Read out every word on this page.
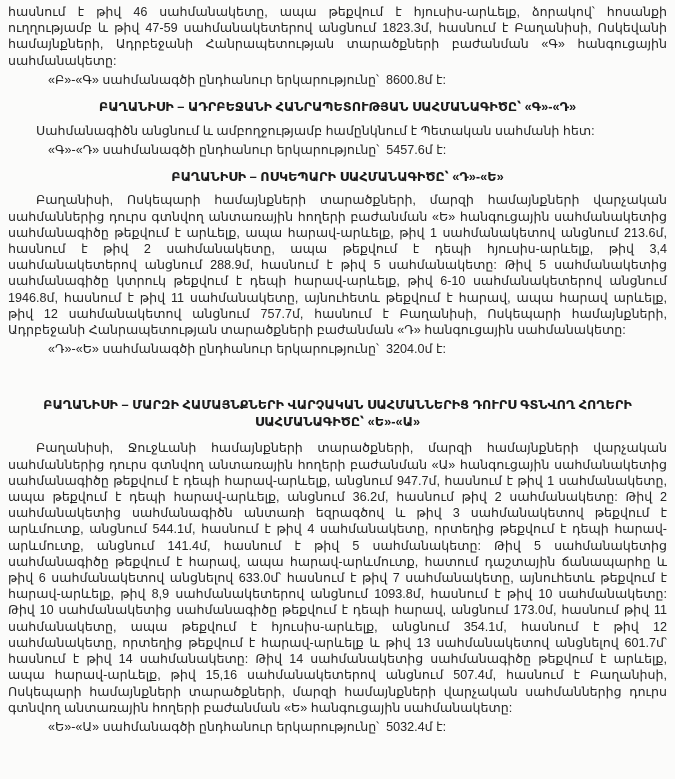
հասնում է թիվ 46 սահմանակետը, ապա թեքվում է հյուսիս-արևելք, ձորակով՝ հոսանքի ուղղությամբ և թիվ 47-59 սահմանակետերով անցնում 1823.3մ, հասնում է Բաղանիսի, Ոսկեվանի համայնքների, Ադրբեջանի Հանրապետության տարածքների բաժանման «Գ» հանգուցային սահմանակետը:

«Բ»-«Գ» սահմանագծի ընդհանուր երկարությունը՝  8600.8մ է:

ԲԱՂԱՆԻՍԻ – ԱԴՐԲԵՋԱՆԻ ՀԱՆՐԱՊԵՏՈՒԹՅԱՆ ՍԱՀՄԱՆԱԳԻԾԸ՝ «Գ»-«Դ»

Սահմանագիծն անցնում և ամբողջությամբ համընկնում է Պետական սահմանի հետ:

«Գ»-«Դ» սահմանագծի ընդհանուր երկարությունը՝  5457.6մ է:

ԲԱՂԱՆԻՍԻ – ՈՍԿԵՊԱՐԻ ՍԱՀՄԱՆԱԳԻԾԸ՝ «Դ»-«Ե»

Բաղանիսի, Ոսկեպարի համայնքների տարածքների, մարզի համայնքների վարչական սահմաններից դուրս գտնվող անտառային հողերի բաժանման «Ե» հանգուցային սահմանակետից սահմանագիծը թեքվում է արևելք, ապա հարավ-արևելք, թիվ 1 սահմանակետով անցնում 213.6մ, հասնում է թիվ 2 սահմանակետը, ապա թեքվում է դեպի հյուսիս-արևելք, թիվ 3,4 սահմանակետերով անցնում 288.9մ, հասնում է թիվ 5 սահմանակետը: Թիվ 5 սահմանակետից սահմանագիծը կտրուկ թեքվում է դեպի հարավ-արևելք, թիվ 6-10 սահմանակետերով անցնում 1946.8մ, հասնում է թիվ 11 սահմանակետը, այնուհետև թեքվում է հարավ, ապա հարավ արևելք, թիվ 12 սահմանակետով անցնում 757.7մ, հասնում է Բաղանիսի, Ոսկեպարի համայնքների, Ադրբեջանի Հանրապետության տարածքների բաժանման «Դ» հանգուցային սահմանակետը:

«Դ»-«Ե» սահմանագծի ընդհանուր երկարությունը՝  3204.0մ է:

ԲԱՂԱՆԻՍԻ – ՄԱՐԶԻ ՀԱՄԱՅՆՔՆԵՐԻ ՎԱՐՉԱԿԱՆ ՍԱՀՄԱՆՆԵՐԻՑ ԴՈՒՐՍ ԳՏՆՎՈՂ ՀՈՂԵՐԻ ՍԱՀՄԱՆԱԳԻԾԸ՝ «Ե»-«Ա»

Բաղանիսի, Ջուջևանի համայնքների տարածքների, մարզի համայնքների վարչական սահմաններից դուրս գտնվող անտառային հողերի բաժանման «Ա» հանգուցային սահմանակետից սահմանագիծը թեքվում է դեպի հարավ-արևելք, անցնում 947.7մ, հասնում է թիվ 1 սահմանակետը, ապա թեքվում է դեպի հարավ-արևելք, անցնում 36.2մ, հասնում թիվ 2 սահմանակետը: Թիվ 2 սահմանակետից սահմանագիծն անտառի եզրագծով և թիվ 3 սահմանակետով թեքվում է արևմուտք, անցնում 544.1մ, հասնում է թիվ 4 սահմանակետը, որտեղից թեքվում է դեպի հարավ-արևմուտք, անցնում 141.4մ, հասնում է թիվ 5 սահմանակետը: Թիվ 5 սահմանակետից սահմանագիծը թեքվում է հարավ, ապա հարավ-արևմուտք, հատում դաշտային ճանապարհը և թիվ 6 սահմանակետով անցնելով 633.0մ՝ հասնում է թիվ 7 սահմանակետը, այնուհետև թեքվում է հարավ-արևելք, թիվ 8,9 սահմանակետերով անցնում 1093.8մ, հասնում է թիվ 10 սահմանակետը: Թիվ 10 սահմանակետից սահմանագիծը թեքվում է դեպի հարավ, անցնում 173.0մ, հասնում թիվ 11 սահմանակետը, ապա թեքվում է հյուսիս-արևելք, անցնում 354.1մ, հասնում է թիվ 12 սահմանակետը, որտեղից թեքվում է հարավ-արևելք և թիվ 13 սահմանակետով անցնելով 601.7մ՝ հասնում է թիվ 14 սահմանակետը: Թիվ 14 սահմանակետից սահմանագիծը թեքվում է արևելք, ապա հարավ-արևելք, թիվ 15,16 սահմանակետերով անցնում 507.4մ, հասնում է Բաղանիսի, Ոսկեպարի համայնքների տարածքների, մարզի համայնքների վարչական սահմաններից դուրս գտնվող անտառային հողերի բաժանման «Ե» հանգուցային սահմանակետը:

«Ե»-«Ա» սահմանագծի ընդհանուր երկարությունը՝  5032.4մ է:
